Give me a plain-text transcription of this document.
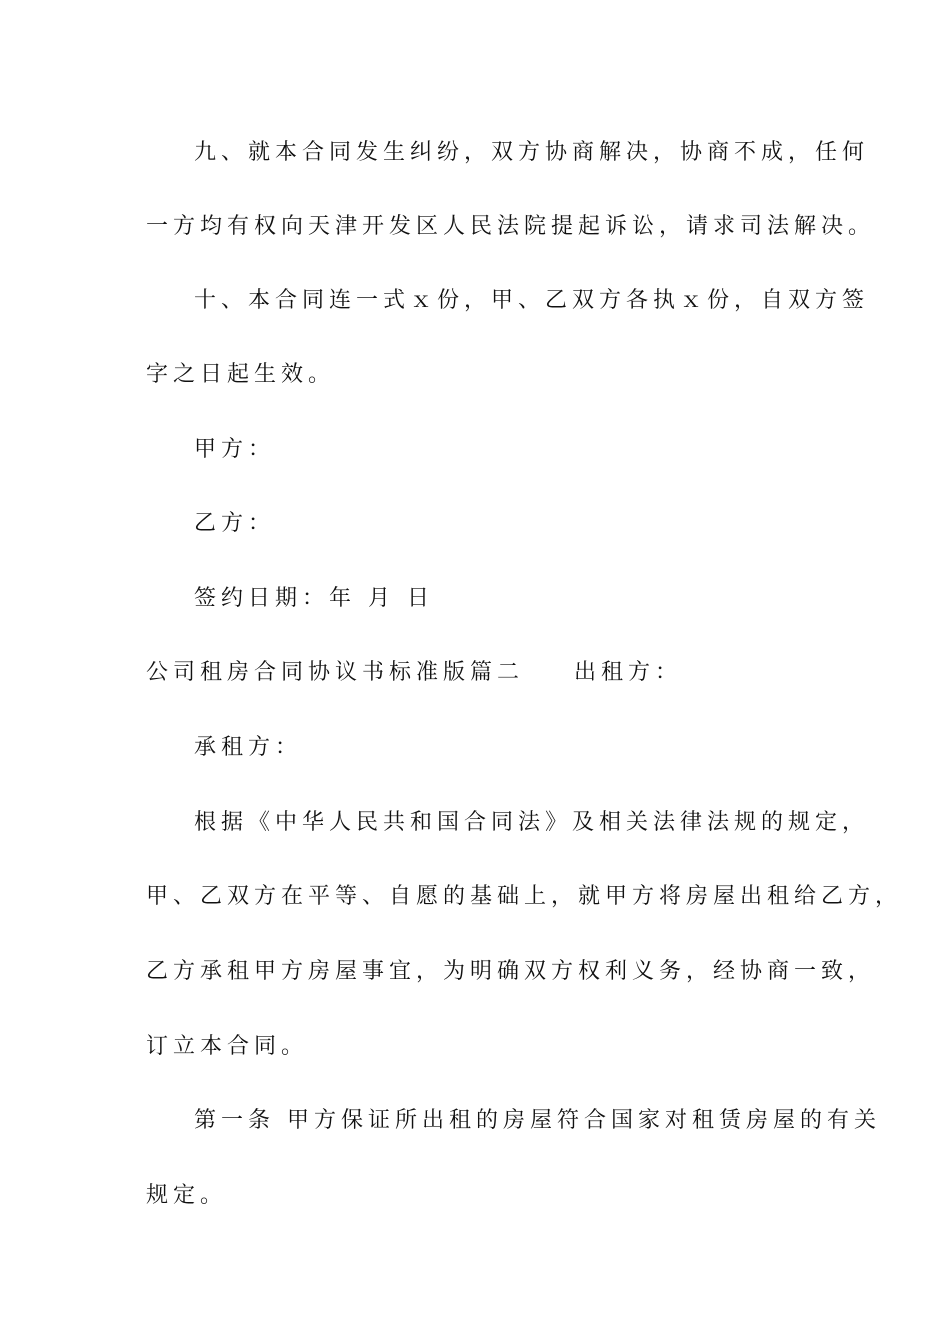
九、就本合同发生纠纷，双方协商解决，协商不成，任何

一方均有权向天津开发区人民法院提起诉讼，请求司法解决。

十、本合同连一式ｘ份，甲、乙双方各执ｘ份，自双方签

字之日起生效。

甲方：

乙方：

签约日期：年 月 日

公司租房合同协议书标准版篇二 出租方：

承租方：

根据《中华人民共和国合同法》及相关法律法规的规定，

甲、乙双方在平等、自愿的基础上，就甲方将房屋出租给乙方，

乙方承租甲方房屋事宜，为明确双方权利义务，经协商一致，

订立本合同。

第一条 甲方保证所出租的房屋符合国家对租赁房屋的有关

规定。
